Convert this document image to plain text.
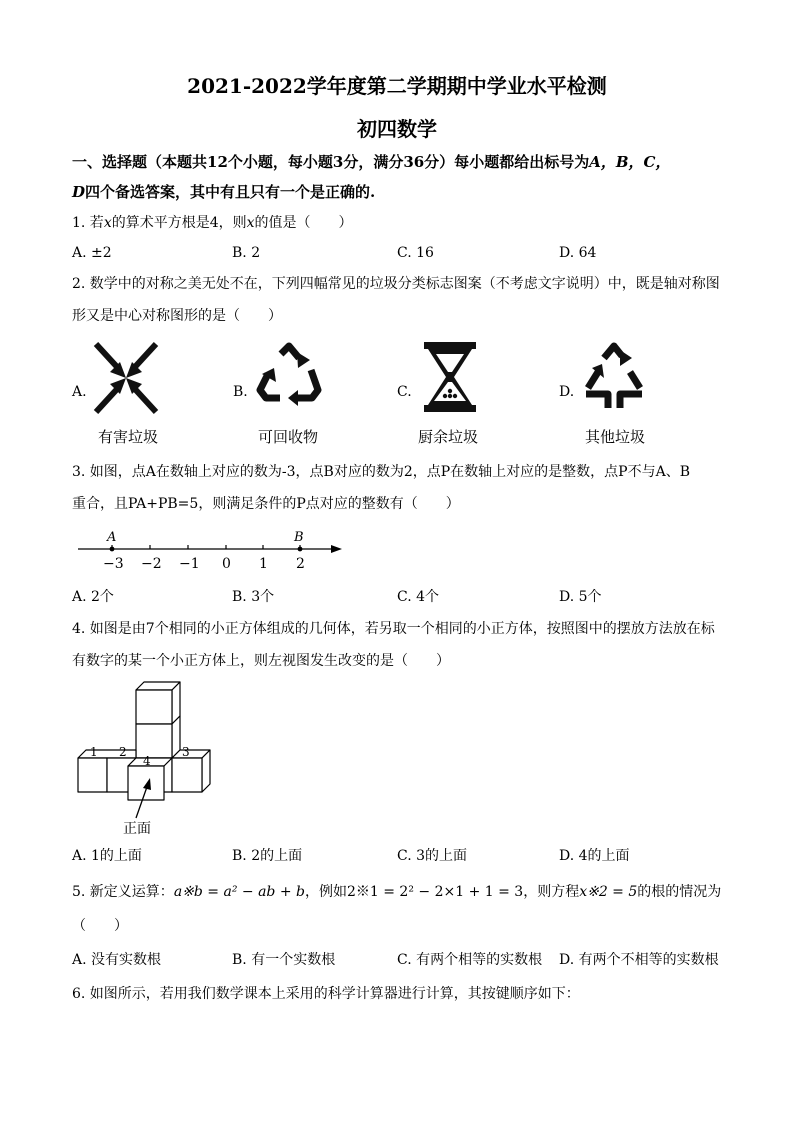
2021-2022学年度第二学期期中学业水平检测
初四数学
一、选择题（本题共12个小题，每小题3分，满分36分）每小题都给出标号为A，B，C，
D四个备选答案，其中有且只有一个是正确的.
1. 若x的算术平方根是4，则x的值是（　　）
A. ±2	B. 2	C. 16	D. 64
2. 数学中的对称之美无处不在，下列四幅常见的垃圾分类标志图案（不考虑文字说明）中，既是轴对称图
形又是中心对称图形的是（　　）
A.	B.	C.	D.
有害垃圾	可回收物	厨余垃圾	其他垃圾
3. 如图，点A在数轴上对应的数为-3，点B对应的数为2，点P在数轴上对应的是整数，点P不与A、B
重合，且PA+PB=5，则满足条件的P点对应的整数有（　　）
A	B
−3 −2 −1 0 1 2
A. 2个	B. 3个	C. 4个	D. 5个
4. 如图是由7个相同的小正方体组成的几何体，若另取一个相同的小正方体，按照图中的摆放方法放在标
有数字的某一个小正方体上，则左视图发生改变的是（　　）
1 2	3
4
正面
A. 1的上面	B. 2的上面	C. 3的上面	D. 4的上面
5. 新定义运算：a※b = a² − ab + b，例如2※1 = 2² − 2×1 + 1 = 3，则方程x※2 = 5的根的情况为
（　　）
A. 没有实数根	B. 有一个实数根	C. 有两个相等的实数根 D. 有两个不相等的实数根
6. 如图所示，若用我们数学课本上采用的科学计算器进行计算，其按键顺序如下：
